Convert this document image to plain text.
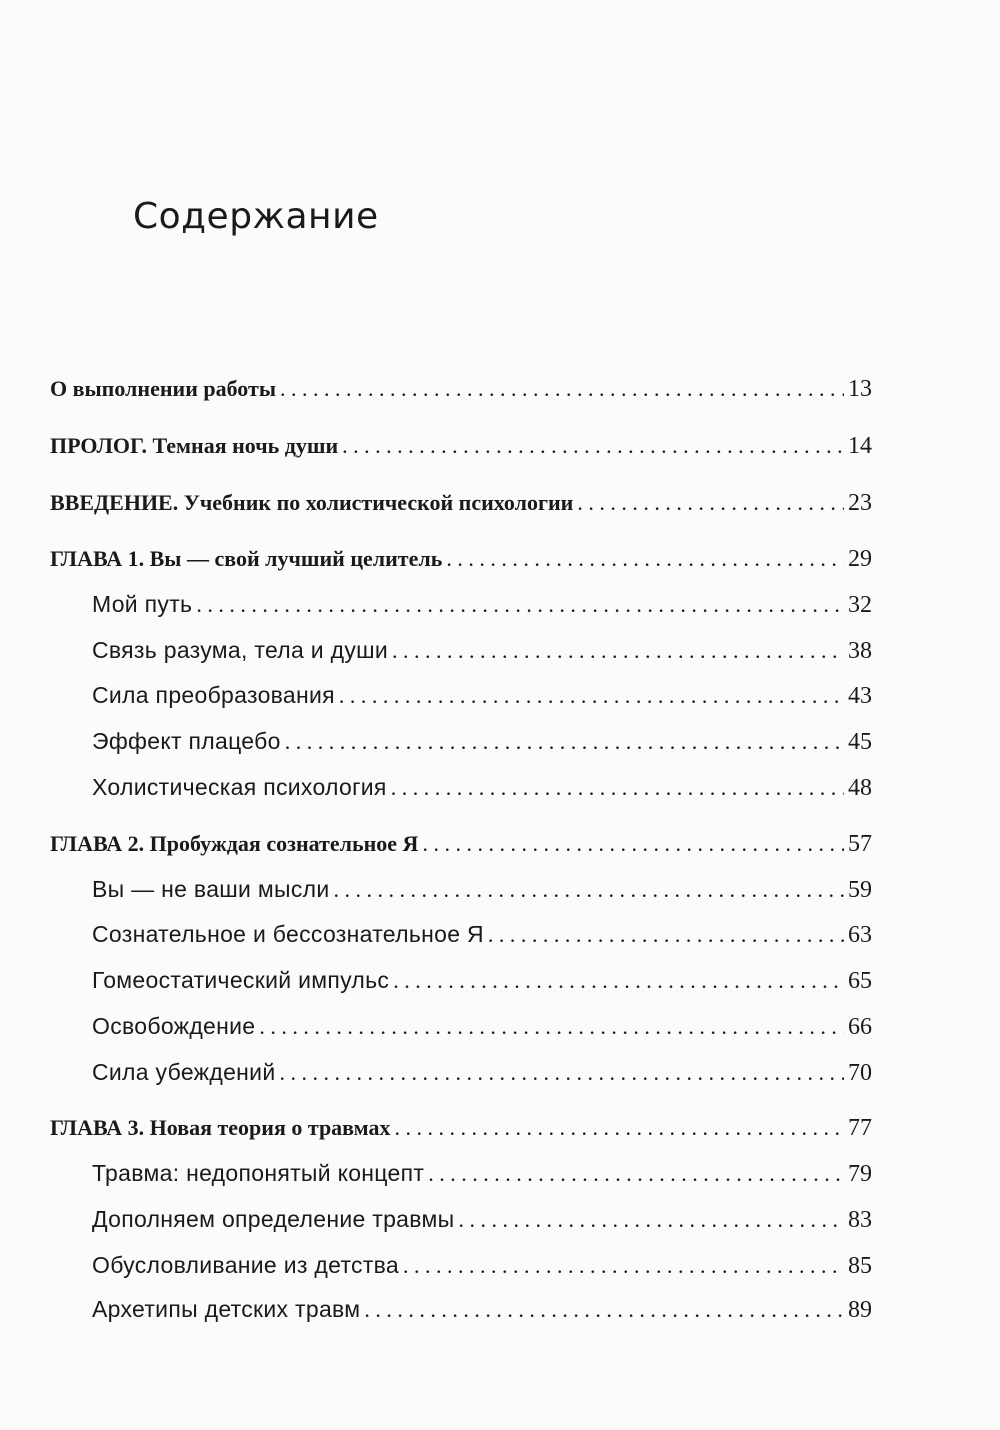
Содержание
О выполнении работы . . .	13
ПРОЛОГ. Темная ночь души . . .	14
ВВЕДЕНИЕ. Учебник по холистической психологии . . .	23
ГЛАВА 1. Вы — свой лучший целитель . . .	29
Мой путь . . .	32
Связь разума, тела и души . . .	38
Сила преобразования . . .	43
Эффект плацебо . . .	45
Холистическая психология . . .	48
ГЛАВА 2. Пробуждая сознательное Я . . .	57
Вы — не ваши мысли . . .	59
Сознательное и бессознательное Я . . .	63
Гомеостатический импульс . . .	65
Освобождение . . .	66
Сила убеждений . . .	70
ГЛАВА 3. Новая теория о травмах . . .	77
Травма: недопонятый концепт . . .	79
Дополняем определение травмы . . .	83
Обусловливание из детства . . .	85
Архетипы детских травм . . .	89
